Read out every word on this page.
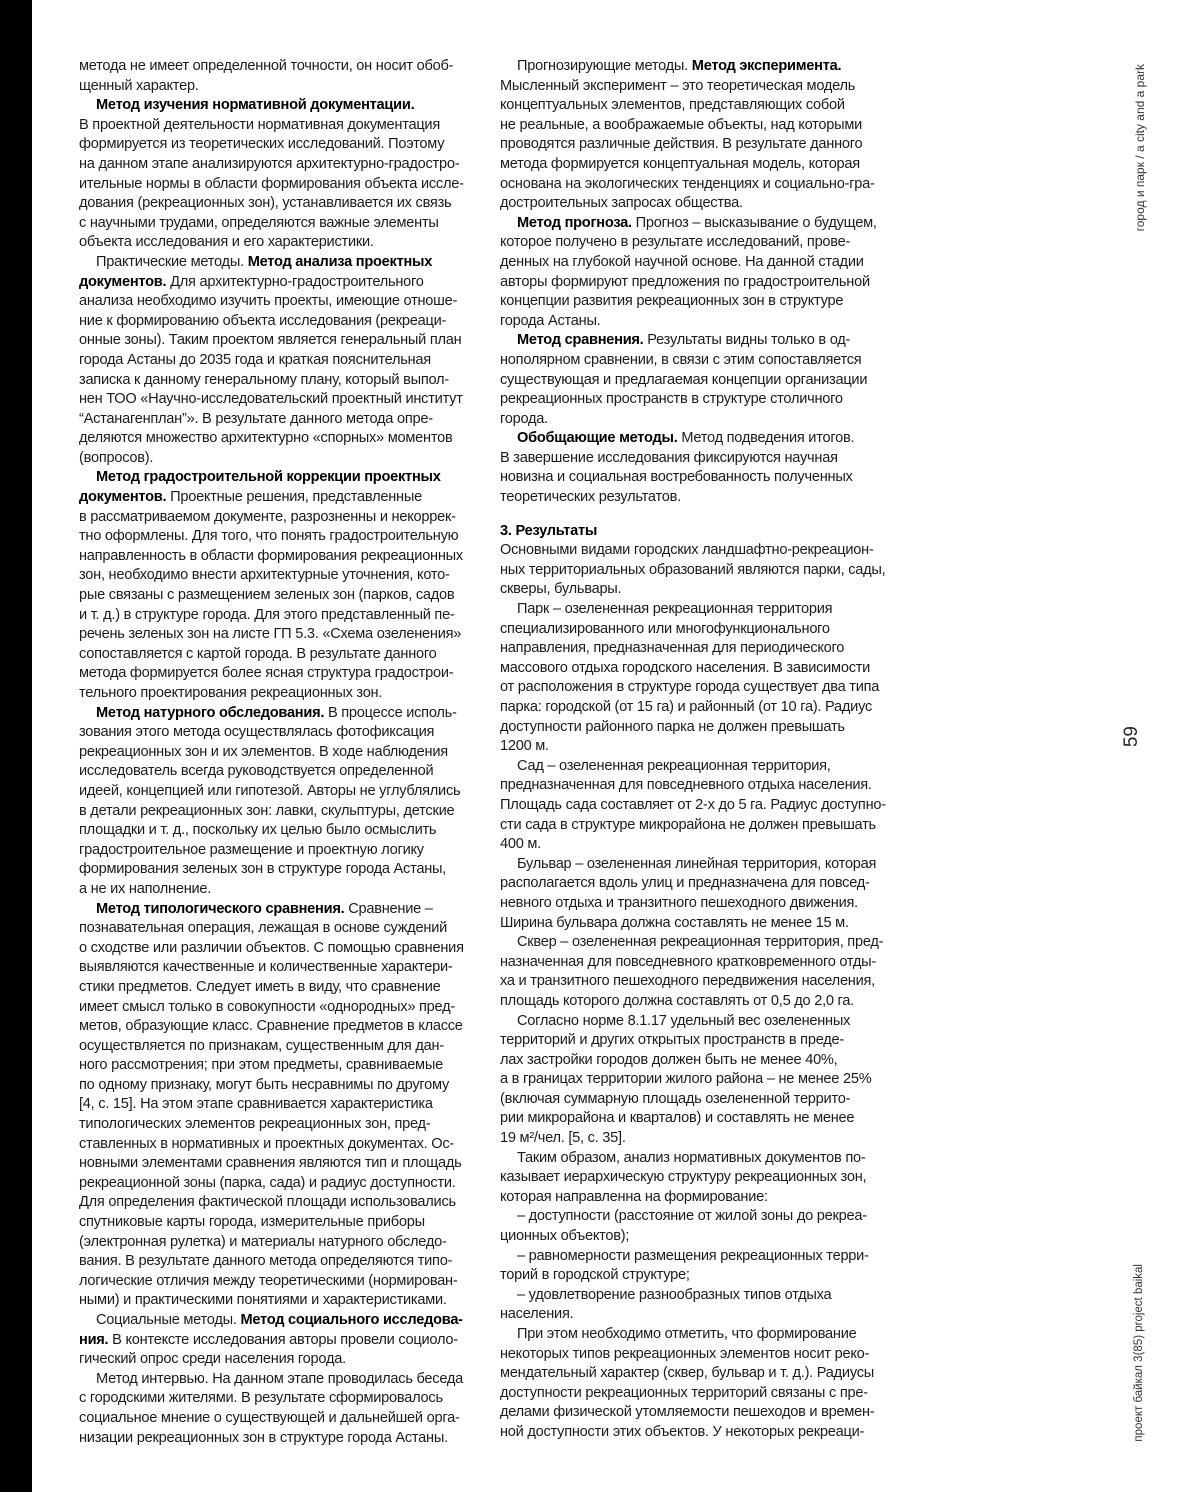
метода не имеет определенной точности, он носит обоб-
щенный характер.
Метод изучения нормативной документации.
В проектной деятельности нормативная документация
формируется из теоретических исследований. Поэтому
на данном этапе анализируются архитектурно-градостро-
ительные нормы в области формирования объекта иссле-
дования (рекреационных зон), устанавливается их связь
с научными трудами, определяются важные элементы
объекта исследования и его характеристики.
Практические методы. Метод анализа проектных
документов. Для архитектурно-градостроительного
анализа необходимо изучить проекты, имеющие отноше-
ние к формированию объекта исследования (рекреаци-
онные зоны). Таким проектом является генеральный план
города Астаны до 2035 года и краткая пояснительная
записка к данному генеральному плану, который выпол-
нен ТОО «Научно-исследовательский проектный институт
“Астанагенплан”». В результате данного метода опре-
деляются множество архитектурно «спорных» моментов
(вопросов).
Метод градостроительной коррекции проектных
документов. Проектные решения, представленные
в рассматриваемом документе, разрозненны и некоррек-
тно оформлены. Для того, что понять градостроительную
направленность в области формирования рекреационных
зон, необходимо внести архитектурные уточнения, кото-
рые связаны с размещением зеленых зон (парков, садов
и т. д.) в структуре города. Для этого представленный пе-
речень зеленых зон на листе ГП 5.3. «Схема озеленения»
сопоставляется с картой города. В результате данного
метода формируется более ясная структура градострои-
тельного проектирования рекреационных зон.
Метод натурного обследования. В процессе исполь-
зования этого метода осуществлялась фотофиксация
рекреационных зон и их элементов. В ходе наблюдения
исследователь всегда руководствуется определенной
идеей, концепцией или гипотезой. Авторы не углублялись
в детали рекреационных зон: лавки, скульптуры, детские
площадки и т. д., поскольку их целью было осмыслить
градостроительное размещение и проектную логику
формирования зеленых зон в структуре города Астаны,
а не их наполнение.
Метод типологического сравнения. Сравнение –
познавательная операция, лежащая в основе суждений
о сходстве или различии объектов. С помощью сравнения
выявляются качественные и количественные характери-
стики предметов. Следует иметь в виду, что сравнение
имеет смысл только в совокупности «однородных» пред-
метов, образующие класс. Сравнение предметов в классе
осуществляется по признакам, существенным для дан-
ного рассмотрения; при этом предметы, сравниваемые
по одному признаку, могут быть несравнимы по другому
[4, с. 15]. На этом этапе сравнивается характеристика
типологических элементов рекреационных зон, пред-
ставленных в нормативных и проектных документах. Ос-
новными элементами сравнения являются тип и площадь
рекреационной зоны (парка, сада) и радиус доступности.
Для определения фактической площади использовались
спутниковые карты города, измерительные приборы
(электронная рулетка) и материалы натурного обследо-
вания. В результате данного метода определяются типо-
логические отличия между теоретическими (нормирован-
ными) и практическими понятиями и характеристиками.
Социальные методы. Метод социального исследова-
ния. В контексте исследования авторы провели социоло-
гический опрос среди населения города.
Метод интервью. На данном этапе проводилась беседа
с городскими жителями. В результате сформировалось
социальное мнение о существующей и дальнейшей орга-
низации рекреационных зон в структуре города Астаны.
Прогнозирующие методы. Метод эксперимента.
Мысленный эксперимент – это теоретическая модель
концептуальных элементов, представляющих собой
не реальные, а воображаемые объекты, над которыми
проводятся различные действия. В результате данного
метода формируется концептуальная модель, которая
основана на экологических тенденциях и социально-гра-
достроительных запросах общества.
Метод прогноза. Прогноз – высказывание о будущем,
которое получено в результате исследований, прове-
денных на глубокой научной основе. На данной стадии
авторы формируют предложения по градостроительной
концепции развития рекреационных зон в структуре
города Астаны.
Метод сравнения. Результаты видны только в од-
нополярном сравнении, в связи с этим сопоставляется
существующая и предлагаемая концепции организации
рекреационных пространств в структуре столичного
города.
Обобщающие методы. Метод подведения итогов.
В завершение исследования фиксируются научная
новизна и социальная востребованность полученных
теоретических результатов.
3. Результаты
Основными видами городских ландшафтно-рекреацион-
ных территориальных образований являются парки, сады,
скверы, бульвары.
Парк – озелененная рекреационная территория
специализированного или многофункционального
направления, предназначенная для периодического
массового отдыха городского населения. В зависимости
от расположения в структуре города существует два типа
парка: городской (от 15 га) и районный (от 10 га). Радиус
доступности районного парка не должен превышать
1200 м.
Сад – озелененная рекреационная территория,
предназначенная для повседневного отдыха населения.
Площадь сада составляет от 2-х до 5 га. Радиус доступно-
сти сада в структуре микрорайона не должен превышать
400 м.
Бульвар – озелененная линейная территория, которая
располагается вдоль улиц и предназначена для повсед-
невного отдыха и транзитного пешеходного движения.
Ширина бульвара должна составлять не менее 15 м.
Сквер – озелененная рекреационная территория, пред-
назначенная для повседневного кратковременного отды-
ха и транзитного пешеходного передвижения населения,
площадь которого должна составлять от 0,5 до 2,0 га.
Согласно норме 8.1.17 удельный вес озелененных
территорий и других открытых пространств в преде-
лах застройки городов должен быть не менее 40%,
а в границах территории жилого района – не менее 25%
(включая суммарную площадь озелененной террито-
рии микрорайона и кварталов) и составлять не менее
19 м²/чел. [5, с. 35].
Таким образом, анализ нормативных документов по-
казывает иерархическую структуру рекреационных зон,
которая направленна на формирование:
– доступности (расстояние от жилой зоны до рекреа-
ционных объектов);
– равномерности размещения рекреационных терри-
торий в городской структуре;
– удовлетворение разнообразных типов отдыха
населения.
При этом необходимо отметить, что формирование
некоторых типов рекреационных элементов носит реко-
мендательный характер (сквер, бульвар и т. д.). Радиусы
доступности рекреационных территорий связаны с пре-
делами физической утомляемости пешеходов и времен-
ной доступности этих объектов. У некоторых рекреаци-
город и парк / a city and a park
59
проект байкал 3(85) project baikal
